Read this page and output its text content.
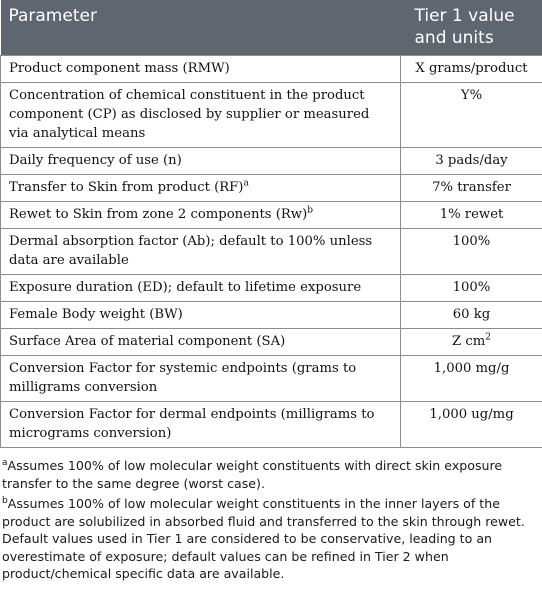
Parameter	Tier 1 value and units
Product component mass (RMW)	X grams/product
Concentration of chemical constituent in the product component (CP) as disclosed by supplier or measured via analytical means	Y%
Daily frequency of use (n)	3 pads/day
Transfer to Skin from product (RF)$^a$	7% transfer
Rewet to Skin from zone 2 components $(Rw)^b$	1% rewet
Dermal absorption factor (Ab); default to 100% unless data are available	100%
Exposure duration (ED); default to lifetime exposure	100%
Female Body weight (BW)	60 kg
Surface Area of material component (SA)	Z $cm^2$
Conversion Factor for systemic endpoints (grams to milligrams conversion	1,000 mg/g
Conversion Factor for dermal endpoints (milligrams to micrograms conversion)	1,000 ug/mg

$^a$Assumes 100% of low molecular weight constituents with direct skin exposure transfer to the same degree (worst case).

$^b$Assumes 100% of low molecular weight constituents in the inner layers of the product are solubilized in absorbed fluid and transferred to the skin through rewet. Default values used in Tier 1 are considered to be conservative, leading to an overestimate of exposure; default values can be refined in Tier 2 when product/chemical specific data are available.
